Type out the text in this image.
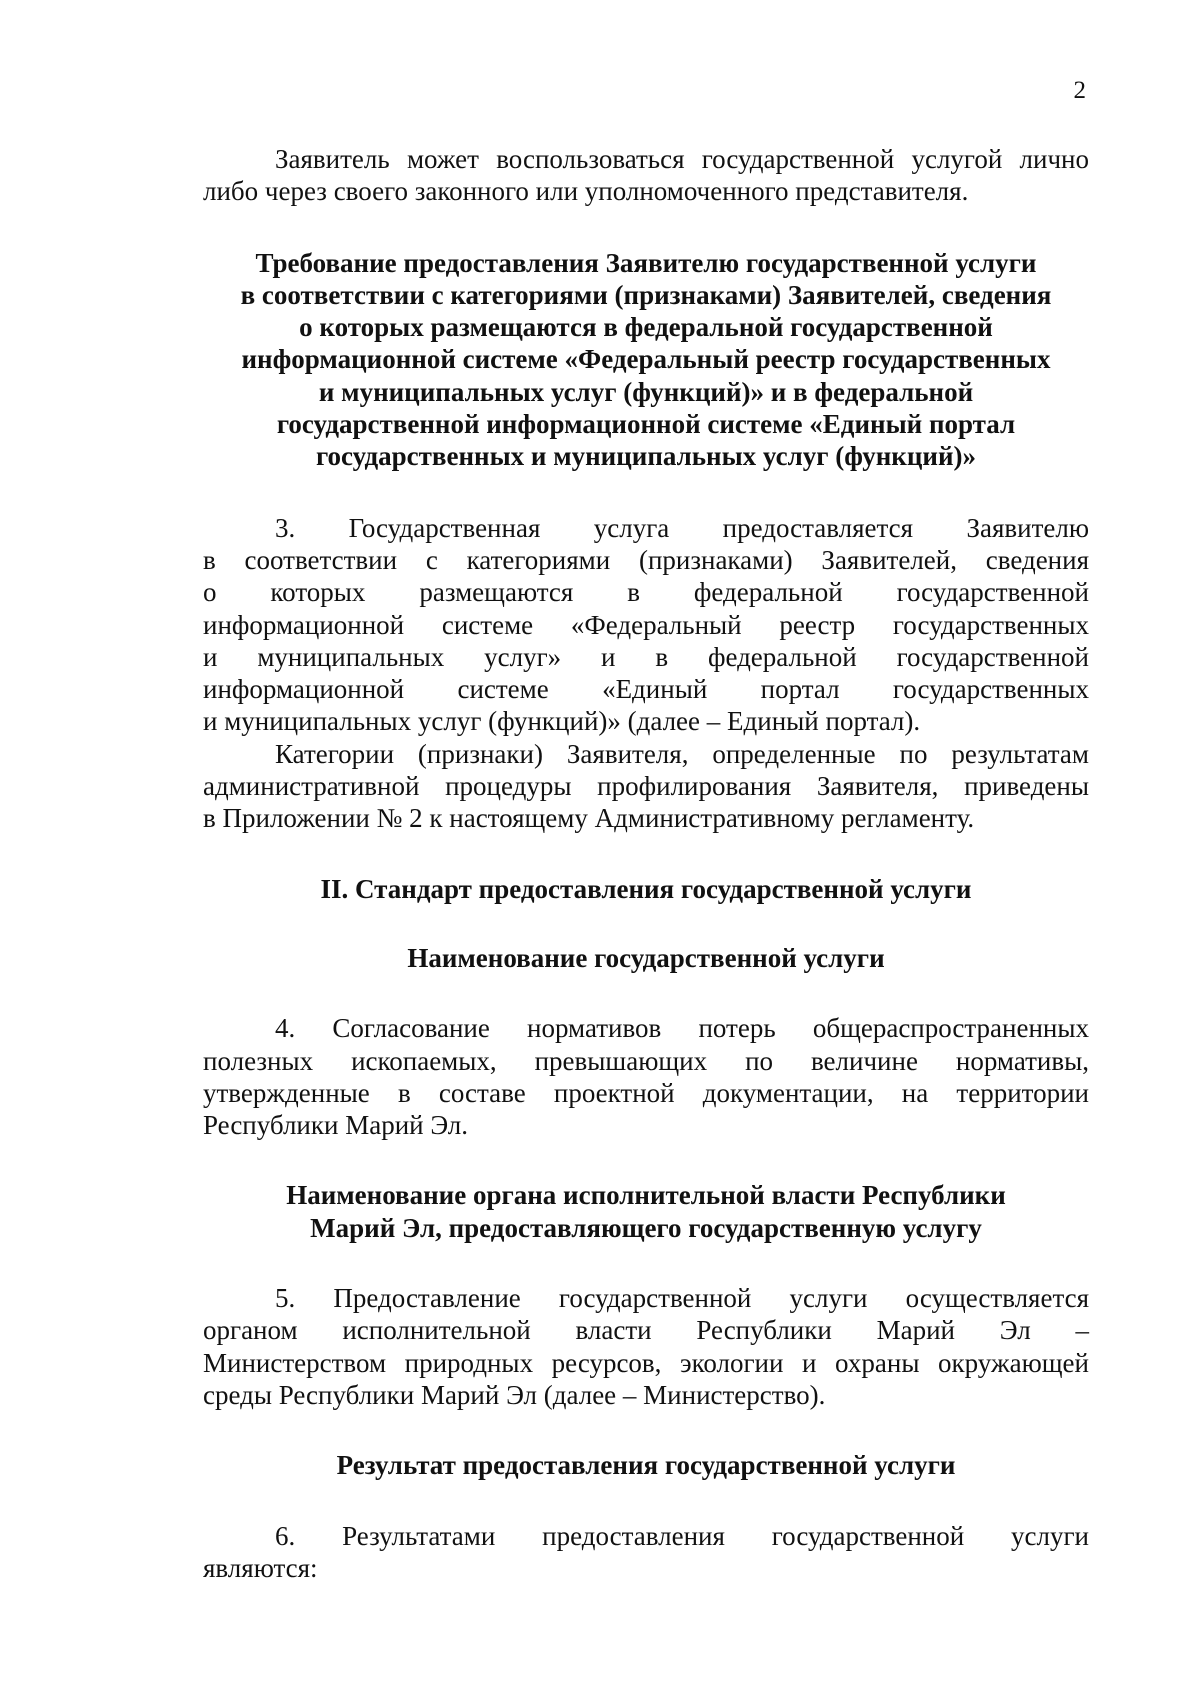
2
Заявитель может воспользоваться государственной услугой лично
либо через своего законного или уполномоченного представителя.
Требование предоставления Заявителю государственной услуги
в соответствии с категориями (признаками) Заявителей, сведения
о которых размещаются в федеральной государственной
информационной системе «Федеральный реестр государственных
и муниципальных услуг (функций)» и в федеральной
государственной информационной системе «Единый портал
государственных и муниципальных услуг (функций)»
3. Государственная услуга предоставляется Заявителю
в соответствии с категориями (признаками) Заявителей, сведения
о которых размещаются в федеральной государственной
информационной системе «Федеральный реестр государственных
и муниципальных услуг» и в федеральной государственной
информационной системе «Единый портал государственных
и муниципальных услуг (функций)» (далее – Единый портал).
Категории (признаки) Заявителя, определенные по результатам
административной процедуры профилирования Заявителя, приведены
в Приложении № 2 к настоящему Административному регламенту.
II. Стандарт предоставления государственной услуги
Наименование государственной услуги
4. Согласование нормативов потерь общераспространенных
полезных ископаемых, превышающих по величине нормативы,
утвержденные в составе проектной документации, на территории
Республики Марий Эл.
Наименование органа исполнительной власти Республики
Марий Эл, предоставляющего государственную услугу
5. Предоставление государственной услуги осуществляется
органом исполнительной власти Республики Марий Эл –
Министерством природных ресурсов, экологии и охраны окружающей
среды Республики Марий Эл (далее – Министерство).
Результат предоставления государственной услуги
6. Результатами предоставления государственной услуги
являются:
